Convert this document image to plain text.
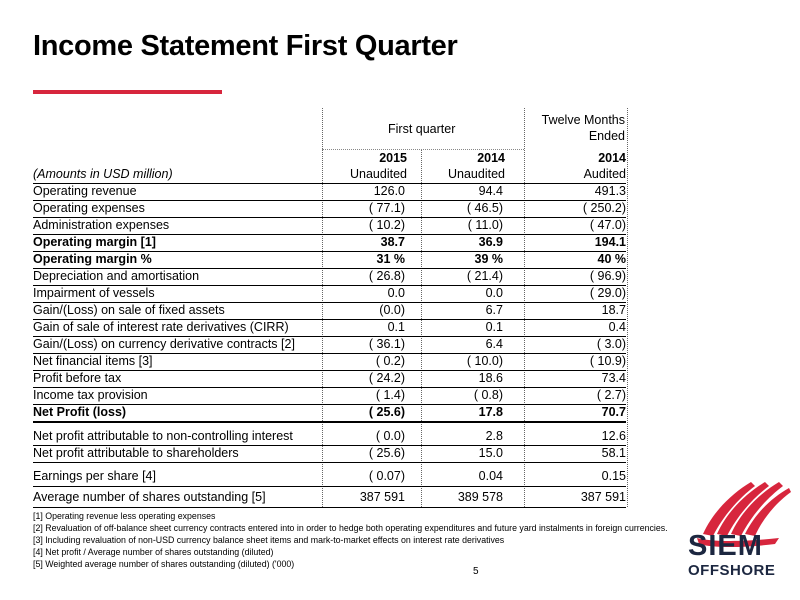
Income Statement First Quarter
First quarter
Twelve Months
Ended
(Amounts in USD million)
2015	2014	2014
Unaudited	Unaudited	Audited
Operating revenue	126.0	94.4	491.3
Operating expenses	( 77.1)	( 46.5)	( 250.2)
Administration expenses	( 10.2)	( 11.0)	( 47.0)
Operating margin [1]	38.7	36.9	194.1
Operating margin %	31 %	39 %	40 %
Depreciation and amortisation	( 26.8)	( 21.4)	( 96.9)
Impairment of vessels	0.0	0.0	( 29.0)
Gain/(Loss) on sale of fixed assets	(0.0)	6.7	18.7
Gain of sale of interest rate derivatives (CIRR)	0.1	0.1	0.4
Gain/(Loss) on currency derivative contracts [2]	( 36.1)	6.4	( 3.0)
Net financial items [3]	( 0.2)	( 10.0)	( 10.9)
Profit before tax	( 24.2)	18.6	73.4
Income tax provision	( 1.4)	( 0.8)	( 2.7)
Net Profit (loss)	( 25.6)	17.8	70.7
Net profit attributable to non-controlling interest	( 0.0)	2.8	12.6
Net profit attributable to shareholders	( 25.6)	15.0	58.1
Earnings per share [4]	( 0.07)	0.04	0.15
Average number of shares outstanding [5]	387 591	389 578	387 591
[1] Operating revenue less operating expenses
[2] Revaluation of off-balance sheet currency contracts entered into in order to hedge both operating expenditures and future yard instalments in foreign currencies.
[3] Including revaluation of non-USD currency balance sheet items and mark-to-market effects on interest rate derivatives
[4] Net profit / Average number of shares outstanding (diluted)
[5] Weighted average number of shares outstanding (diluted) ('000)
5
SIEM
OFFSHORE
